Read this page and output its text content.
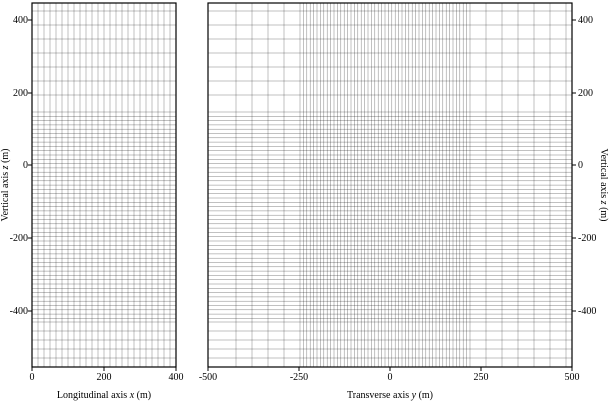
400
200
0
-200
-400
0	200	400 -500	-250	0	250	500
400
200
0
-200
-400
Longitudinal axis x (m)	Transverse axis y (m)
Vertical axis z (m)	Vertical axis z (m)
